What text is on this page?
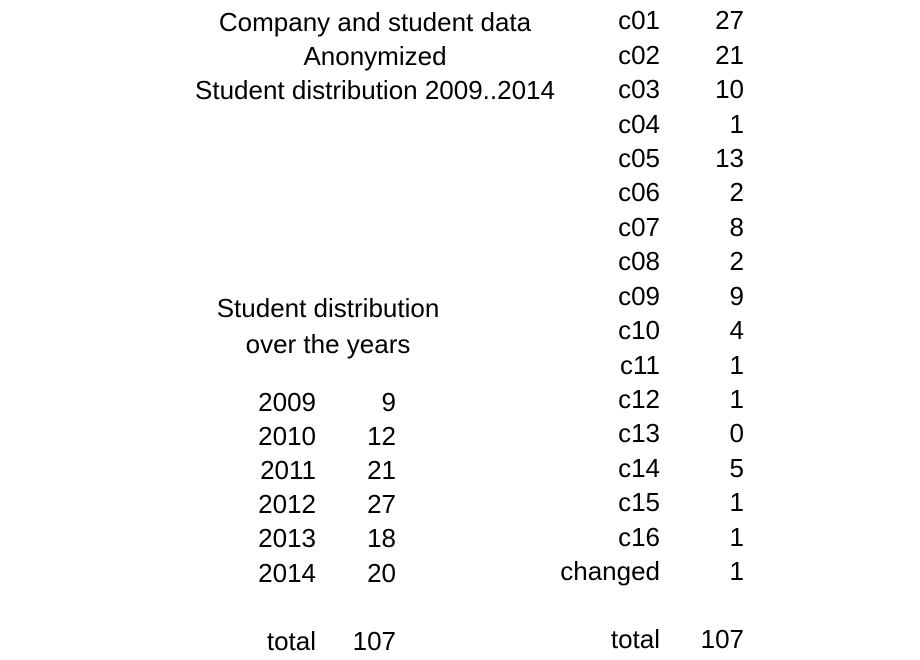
Company and student data
Anonymized
Student distribution 2009..2014
Student distribution
over the years
2009	9
2010	12
2011	21
2012	27
2013	18
2014	20
total	107
c01	27
c02	21
c03	10
c04	1
c05	13
c06	2
c07	8
c08	2
c09	9
c10	4
c11	1
c12	1
c13	0
c14	5
c15	1
c16	1
changed	1
total	107
